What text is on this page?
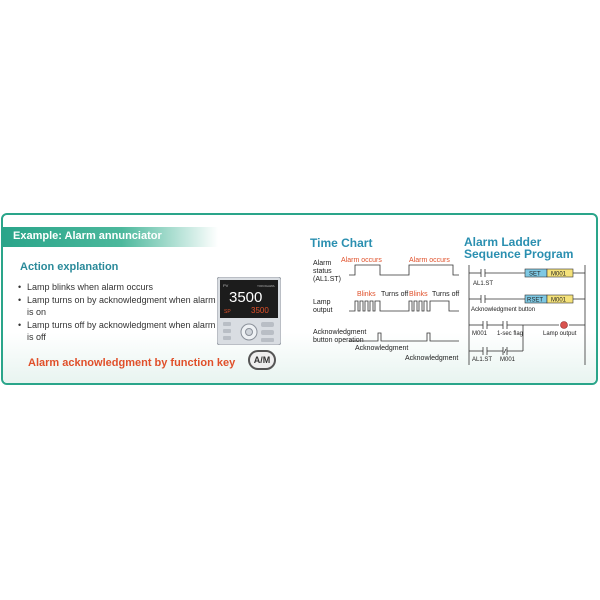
Example: Alarm annunciator
Action explanation
• Lamp blinks when alarm occurs
• Lamp turns on by acknowledgment when alarm is on
• Lamp turns off by acknowledgment when alarm is off
Alarm acknowledgment by function key A/M
PV	YOKOGAWA
3500
SP	3500
Time Chart
Alarm status (AL1.ST)
Lamp output
Acknowledgment button operation
Alarm occurs	Alarm occurs
Blinks Turns off Blinks Turns off
Acknowledgment
Acknowledgment
Alarm Ladder
Sequence Program
SET M001
RSET M001
AL1.ST
Acknowledgment button
M001 1-sec flag	Lamp output
AL1.ST M001
